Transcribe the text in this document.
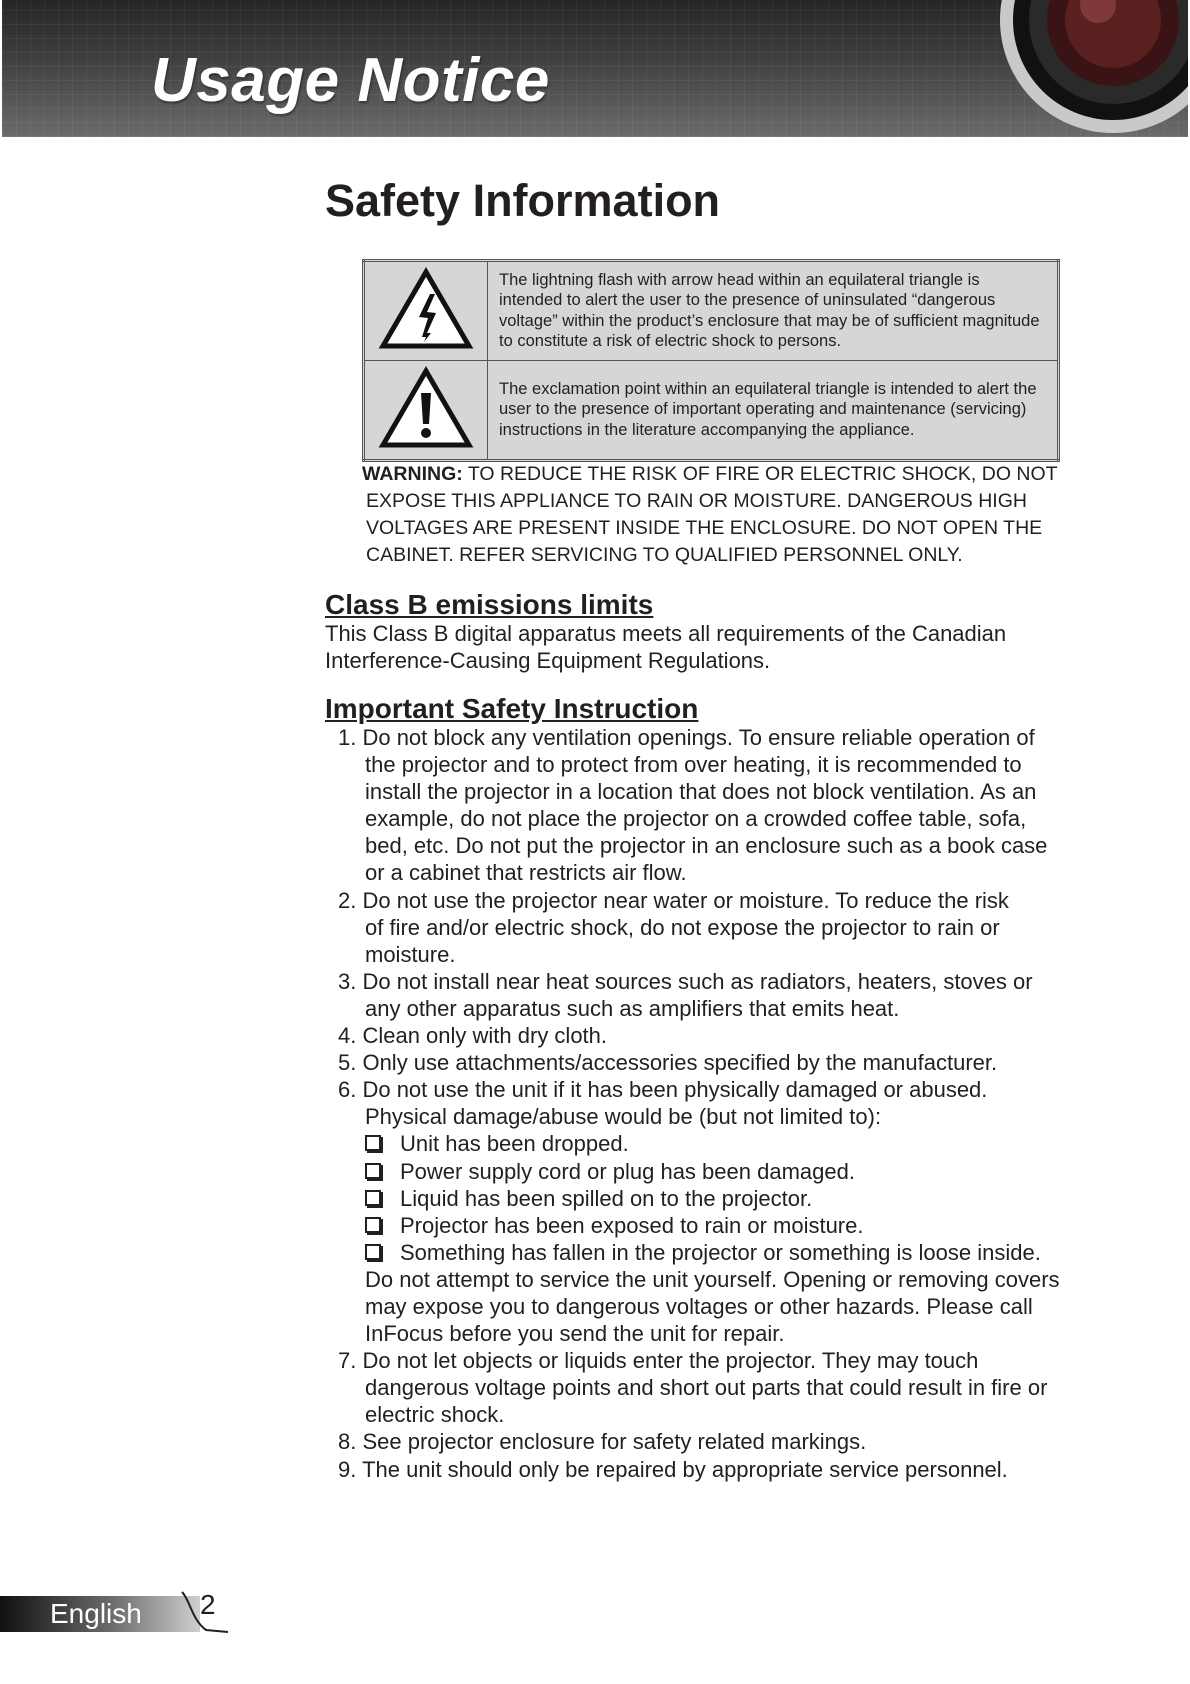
Usage Notice
Safety Information
	The lightning flash with arrow head within an equilateral triangle is intended to alert the user to the presence of uninsulated “dangerous voltage” within the product’s enclosure that may be of sufficient magnitude to constitute a risk of electric shock to persons.
	The exclamation point within an equilateral triangle is intended to alert the user to the presence of important operating and maintenance (servicing) instructions in the literature accompanying the appliance.
WARNING: TO REDUCE THE RISK OF FIRE OR ELECTRIC SHOCK, DO NOT
EXPOSE THIS APPLIANCE TO RAIN OR MOISTURE. DANGEROUS HIGH
VOLTAGES ARE PRESENT INSIDE THE ENCLOSURE. DO NOT OPEN THE
CABINET. REFER SERVICING TO QUALIFIED PERSONNEL ONLY.
Class B emissions limits

This Class B digital apparatus meets all requirements of the Canadian
Interference-Causing Equipment Regulations.

Important Safety Instruction
1. Do not block any ventilation openings. To ensure reliable operation of
the projector and to protect from over heating, it is recommended to
install the projector in a location that does not block ventilation. As an
example, do not place the projector on a crowded coffee table, sofa,
bed, etc. Do not put the projector in an enclosure such as a book case
or a cabinet that restricts air flow.
2. Do not use the projector near water or moisture. To reduce the risk
of fire and/or electric shock, do not expose the projector to rain or
moisture.
3. Do not install near heat sources such as radiators, heaters, stoves or
any other apparatus such as amplifiers that emits heat.
4. Clean only with dry cloth.
5. Only use attachments/accessories specified by the manufacturer.
6. Do not use the unit if it has been physically damaged or abused.
Physical damage/abuse would be (but not limited to):
Unit has been dropped.
Power supply cord or plug has been damaged.
Liquid has been spilled on to the projector.
Projector has been exposed to rain or moisture.
Something has fallen in the projector or something is loose inside.
Do not attempt to service the unit yourself. Opening or removing covers
may expose you to dangerous voltages or other hazards. Please call
InFocus before you send the unit for repair.
7. Do not let objects or liquids enter the projector. They may touch
dangerous voltage points and short out parts that could result in fire or
electric shock.
8. See projector enclosure for safety related markings.
9. The unit should only be repaired by appropriate service personnel.
English 2
